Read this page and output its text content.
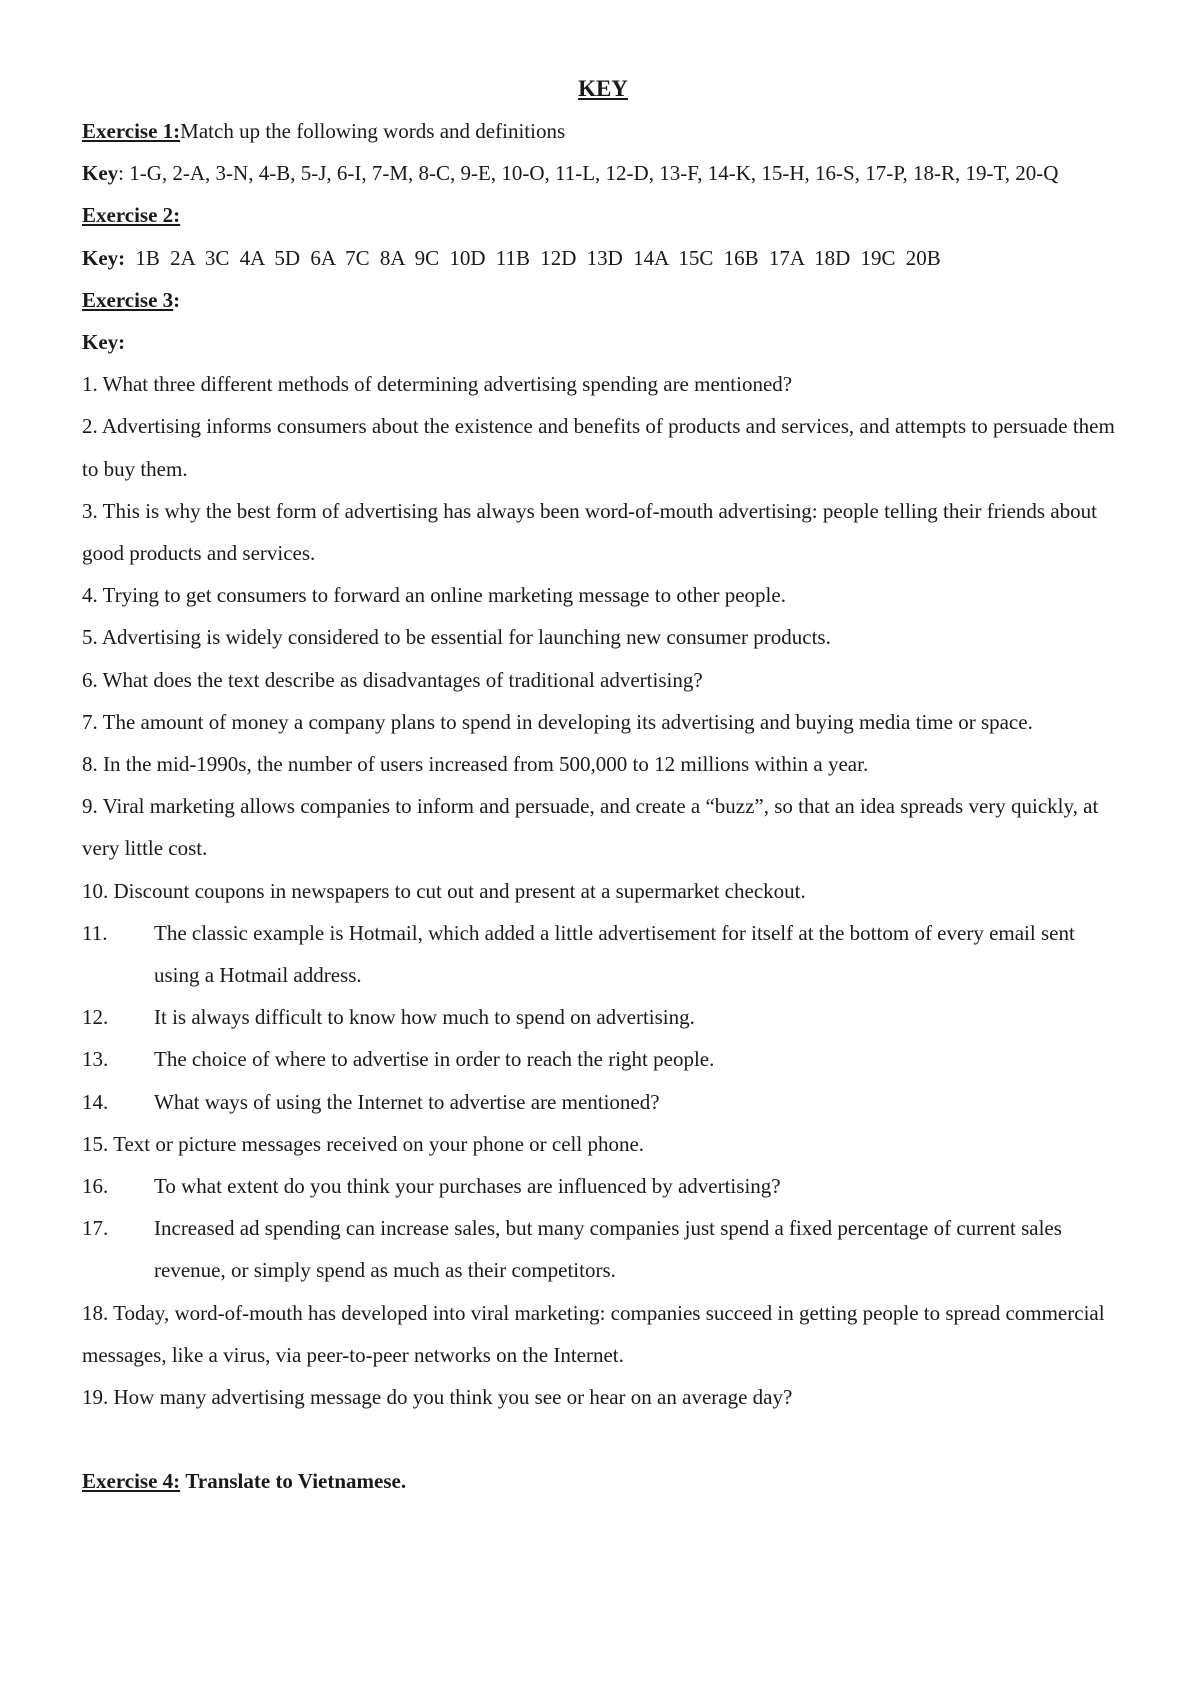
KEY

Exercise 1:Match up the following words and definitions

Key: 1-G, 2-A, 3-N, 4-B, 5-J, 6-I, 7-M, 8-C, 9-E, 10-O, 11-L, 12-D, 13-F, 14-K, 15-H, 16-S, 17-P, 18-R, 19-T, 20-Q

Exercise 2:

Key: 1B 2A 3C 4A 5D 6A 7C 8A 9C 10D 11B 12D 13D 14A 15C 16B 17A 18D 19C 20B

Exercise 3:

Key:

1. What three different methods of determining advertising spending are mentioned?

2. Advertising informs consumers about the existence and benefits of products and services, and attempts to persuade them to buy them.

3. This is why the best form of advertising has always been word-of-mouth advertising: people telling their friends about good products and services.

4. Trying to get consumers to forward an online marketing message to other people.

5. Advertising is widely considered to be essential for launching new consumer products.

6. What does the text describe as disadvantages of traditional advertising?

7. The amount of money a company plans to spend in developing its advertising and buying media time or space.

8. In the mid-1990s, the number of users increased from 500,000 to 12 millions within a year.

9. Viral marketing allows companies to inform and persuade, and create a “buzz”, so that an idea spreads very quickly, at very little cost.

10. Discount coupons in newspapers to cut out and present at a supermarket checkout.

11. The classic example is Hotmail, which added a little advertisement for itself at the bottom of every email sent using a Hotmail address.

12. It is always difficult to know how much to spend on advertising.

13. The choice of where to advertise in order to reach the right people.

14. What ways of using the Internet to advertise are mentioned?

15. Text or picture messages received on your phone or cell phone.

16. To what extent do you think your purchases are influenced by advertising?

17. Increased ad spending can increase sales, but many companies just spend a fixed percentage of current sales revenue, or simply spend as much as their competitors.

18. Today, word-of-mouth has developed into viral marketing: companies succeed in getting people to spread commercial messages, like a virus, via peer-to-peer networks on the Internet.

19. How many advertising message do you think you see or hear on an average day?

Exercise 4: Translate to Vietnamese.
